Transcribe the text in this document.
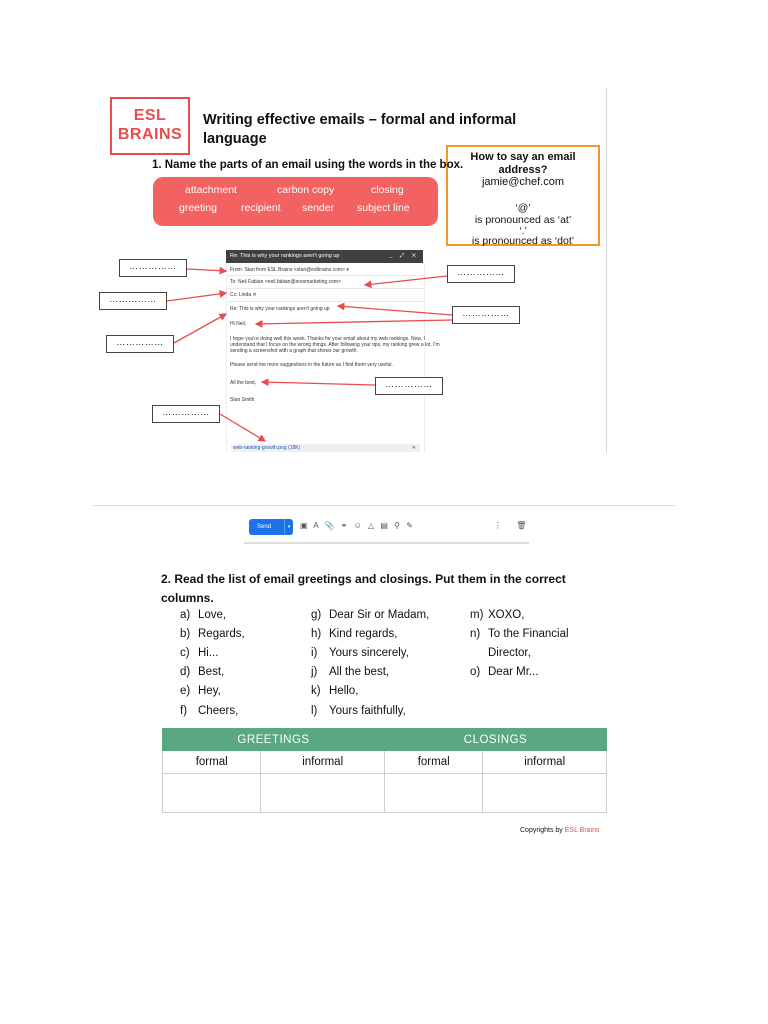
ESL
BRAINS
Writing effective emails – formal and informal language
How to say an email
address?
jamie@chef.com
‘@’
is pronounced as ‘at’
‘.’
is pronounced as ‘dot’
1. Name the parts of an email using the words in the box.
attachment	carbon copy	closing
greeting recipient sender subject line
Re: This is why your rankings aren't going up	_ ⤢ ✕
From: Stan from ESL Brains <stan@eslbrains.com> ▾
To: Neil Fabian <neil.fabian@eresmarketing.com>
Cc: Linda ✕
Re: This is why your rankings aren't going up
Hi Neil,
I hope you're doing well this week. Thanks for your email about my web rankings. Now, I
understand that I focus on the wrong things. After following your tips, my ranking grew a lot. I'm
sending a screenshot with a graph that shows our growth.
Please send me more suggestions in the future as I find them very useful.
All the best,
Stan Smith
web-ranking-growth.png (18K)	✕
……………
……………
……………
……………
……………
……………
……………
Send	▾	▣ A 📎 ⚭ ☺ △ ▤ ⚲ ✎	⋮ 🗑
2. Read the list of email greetings and closings. Put them in the correct columns.
a) Love,
b) Regards,
c) Hi...
d) Best,
e) Hey,
f) Cheers,
g) Dear Sir or Madam,
h) Kind regards,
i) Yours sincerely,
j) All the best,
k) Hello,
l) Yours faithfully,
m) XOXO,
n) To the Financial
Director,
o) Dear Mr...
GREETINGS		CLOSINGS	
formal	informal	formal	informal

Copyrights by ESL Brains
